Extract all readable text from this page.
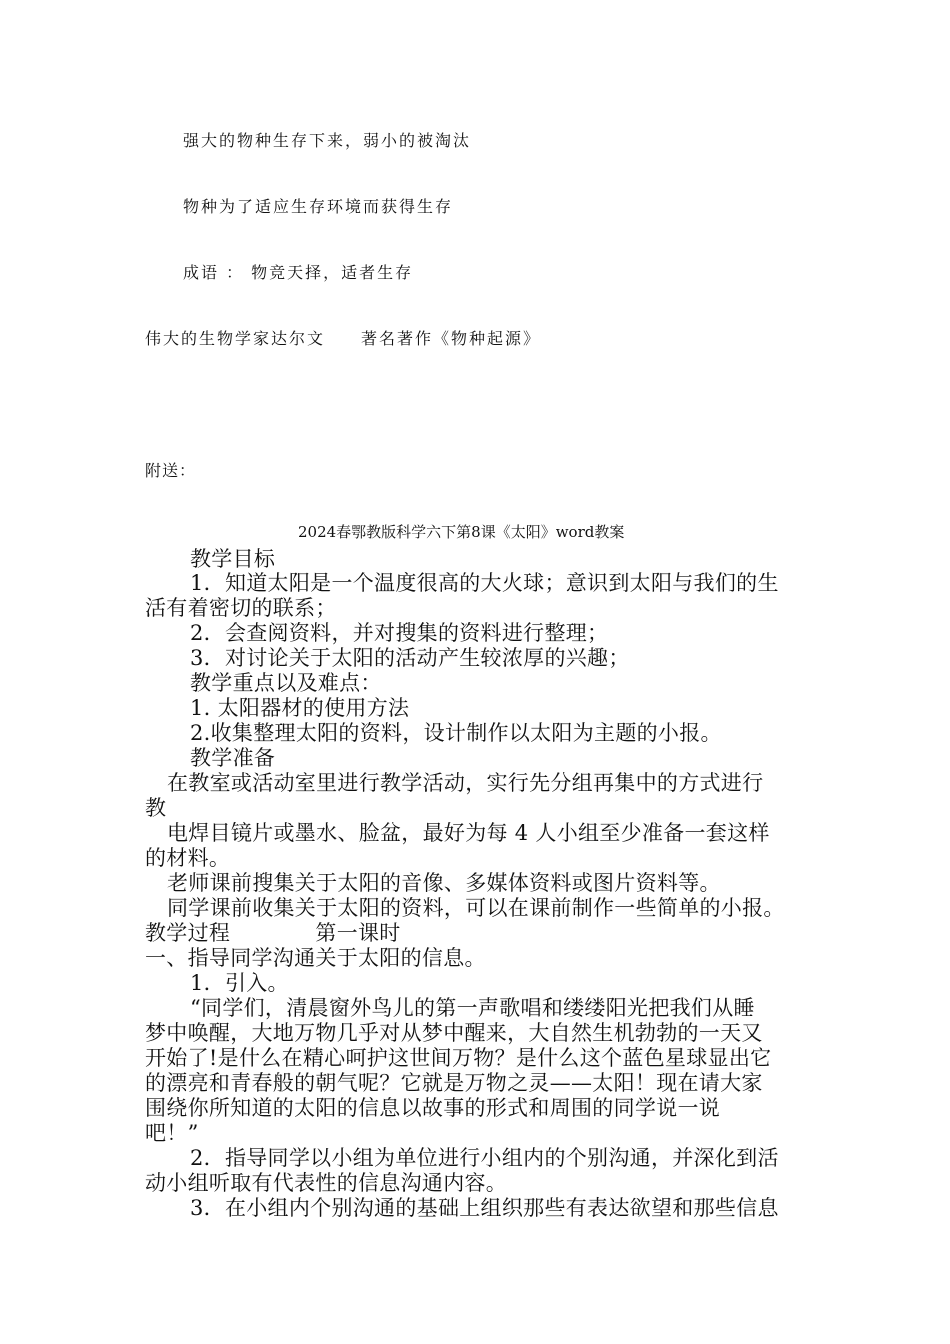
强大的物种生存下来，弱小的被淘汰
物种为了适应生存环境而获得生存
成语 ： 物竞天择，适者生存
伟大的生物学家达尔文　　著名著作《物种起源》
附送：
2024春鄂教版科学六下第8课《太阳》word教案
教学目标
1．知道太阳是一个温度很高的大火球；意识到太阳与我们的生
活有着密切的联系；
2．会查阅资料，并对搜集的资料进行整理；
3．对讨论关于太阳的活动产生较浓厚的兴趣；
教学重点以及难点：
1. 太阳器材的使用方法
2.收集整理太阳的资料，设计制作以太阳为主题的小报。
教学准备
在教室或活动室里进行教学活动，实行先分组再集中的方式进行
教
电焊目镜片或墨水、脸盆，最好为每 4 人小组至少准备一套这样
的材料。
老师课前搜集关于太阳的音像、多媒体资料或图片资料等。
同学课前收集关于太阳的资料，可以在课前制作一些简单的小报。
教学过程　　　　第一课时
一、指导同学沟通关于太阳的信息。
1．引入。
“同学们，清晨窗外鸟儿的第一声歌唱和缕缕阳光把我们从睡
梦中唤醒，大地万物几乎对从梦中醒来，大自然生机勃勃的一天又
开始了!是什么在精心呵护这世间万物？是什么这个蓝色星球显出它
的漂亮和青春般的朝气呢？它就是万物之灵——太阳！现在请大家
围绕你所知道的太阳的信息以故事的形式和周围的同学说一说
吧！”
2．指导同学以小组为单位进行小组内的个别沟通，并深化到活
动小组听取有代表性的信息沟通内容。
3．在小组内个别沟通的基础上组织那些有表达欲望和那些信息
